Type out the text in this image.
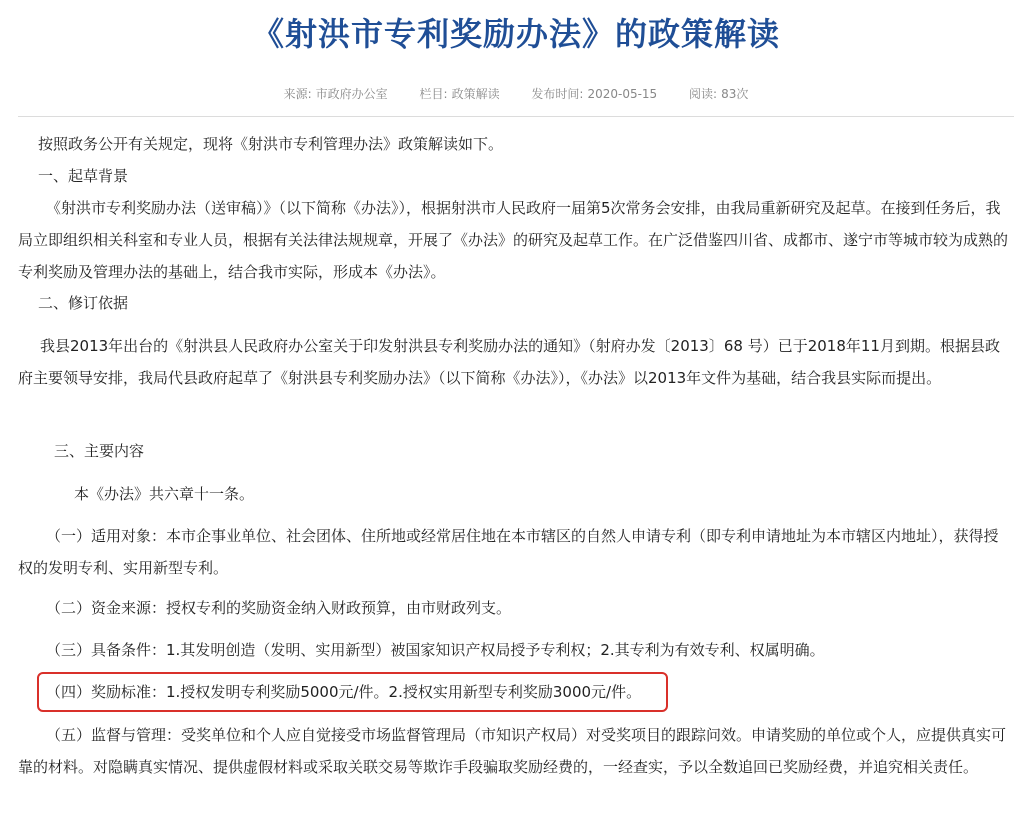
《射洪市专利奖励办法》的政策解读
来源: 市政府办公室	栏目: 政策解读	发布时间: 2020-05-15	阅读: 83次

按照政务公开有关规定，现将《射洪市专利管理办法》政策解读如下。

一、起草背景

《射洪市专利奖励办法（送审稿）》（以下简称《办法》），根据射洪市人民政府一届第5次常务会安排，由我局重新研究及起草。在接到任务后，我局立即组织相关科室和专业人员，根据有关法律法规规章，开展了《办法》的研究及起草工作。在广泛借鉴四川省、成都市、遂宁市等城市较为成熟的专利奖励及管理办法的基础上，结合我市实际，形成本《办法》。

二、修订依据

我县2013年出台的《射洪县人民政府办公室关于印发射洪县专利奖励办法的通知》（射府办发〔2013〕68 号）已于2018年11月到期。根据县政府主要领导安排，我局代县政府起草了《射洪县专利奖励办法》（以下简称《办法》），《办法》以2013年文件为基础，结合我县实际而提出。

三、主要内容

本《办法》共六章十一条。

（一）适用对象：本市企事业单位、社会团体、住所地或经常居住地在本市辖区的自然人申请专利（即专利申请地址为本市辖区内地址），获得授权的发明专利、实用新型专利。

（二）资金来源：授权专利的奖励资金纳入财政预算，由市财政列支。

（三）具备条件：1.其发明创造（发明、实用新型）被国家知识产权局授予专利权；2.其专利为有效专利、权属明确。

（四）奖励标准：1.授权发明专利奖励5000元/件。2.授权实用新型专利奖励3000元/件。

（五）监督与管理：受奖单位和个人应自觉接受市场监督管理局（市知识产权局）对受奖项目的跟踪问效。申请奖励的单位或个人，应提供真实可靠的材料。对隐瞒真实情况、提供虚假材料或采取关联交易等欺诈手段骗取奖励经费的，一经查实，予以全数追回已奖励经费，并追究相关责任。
